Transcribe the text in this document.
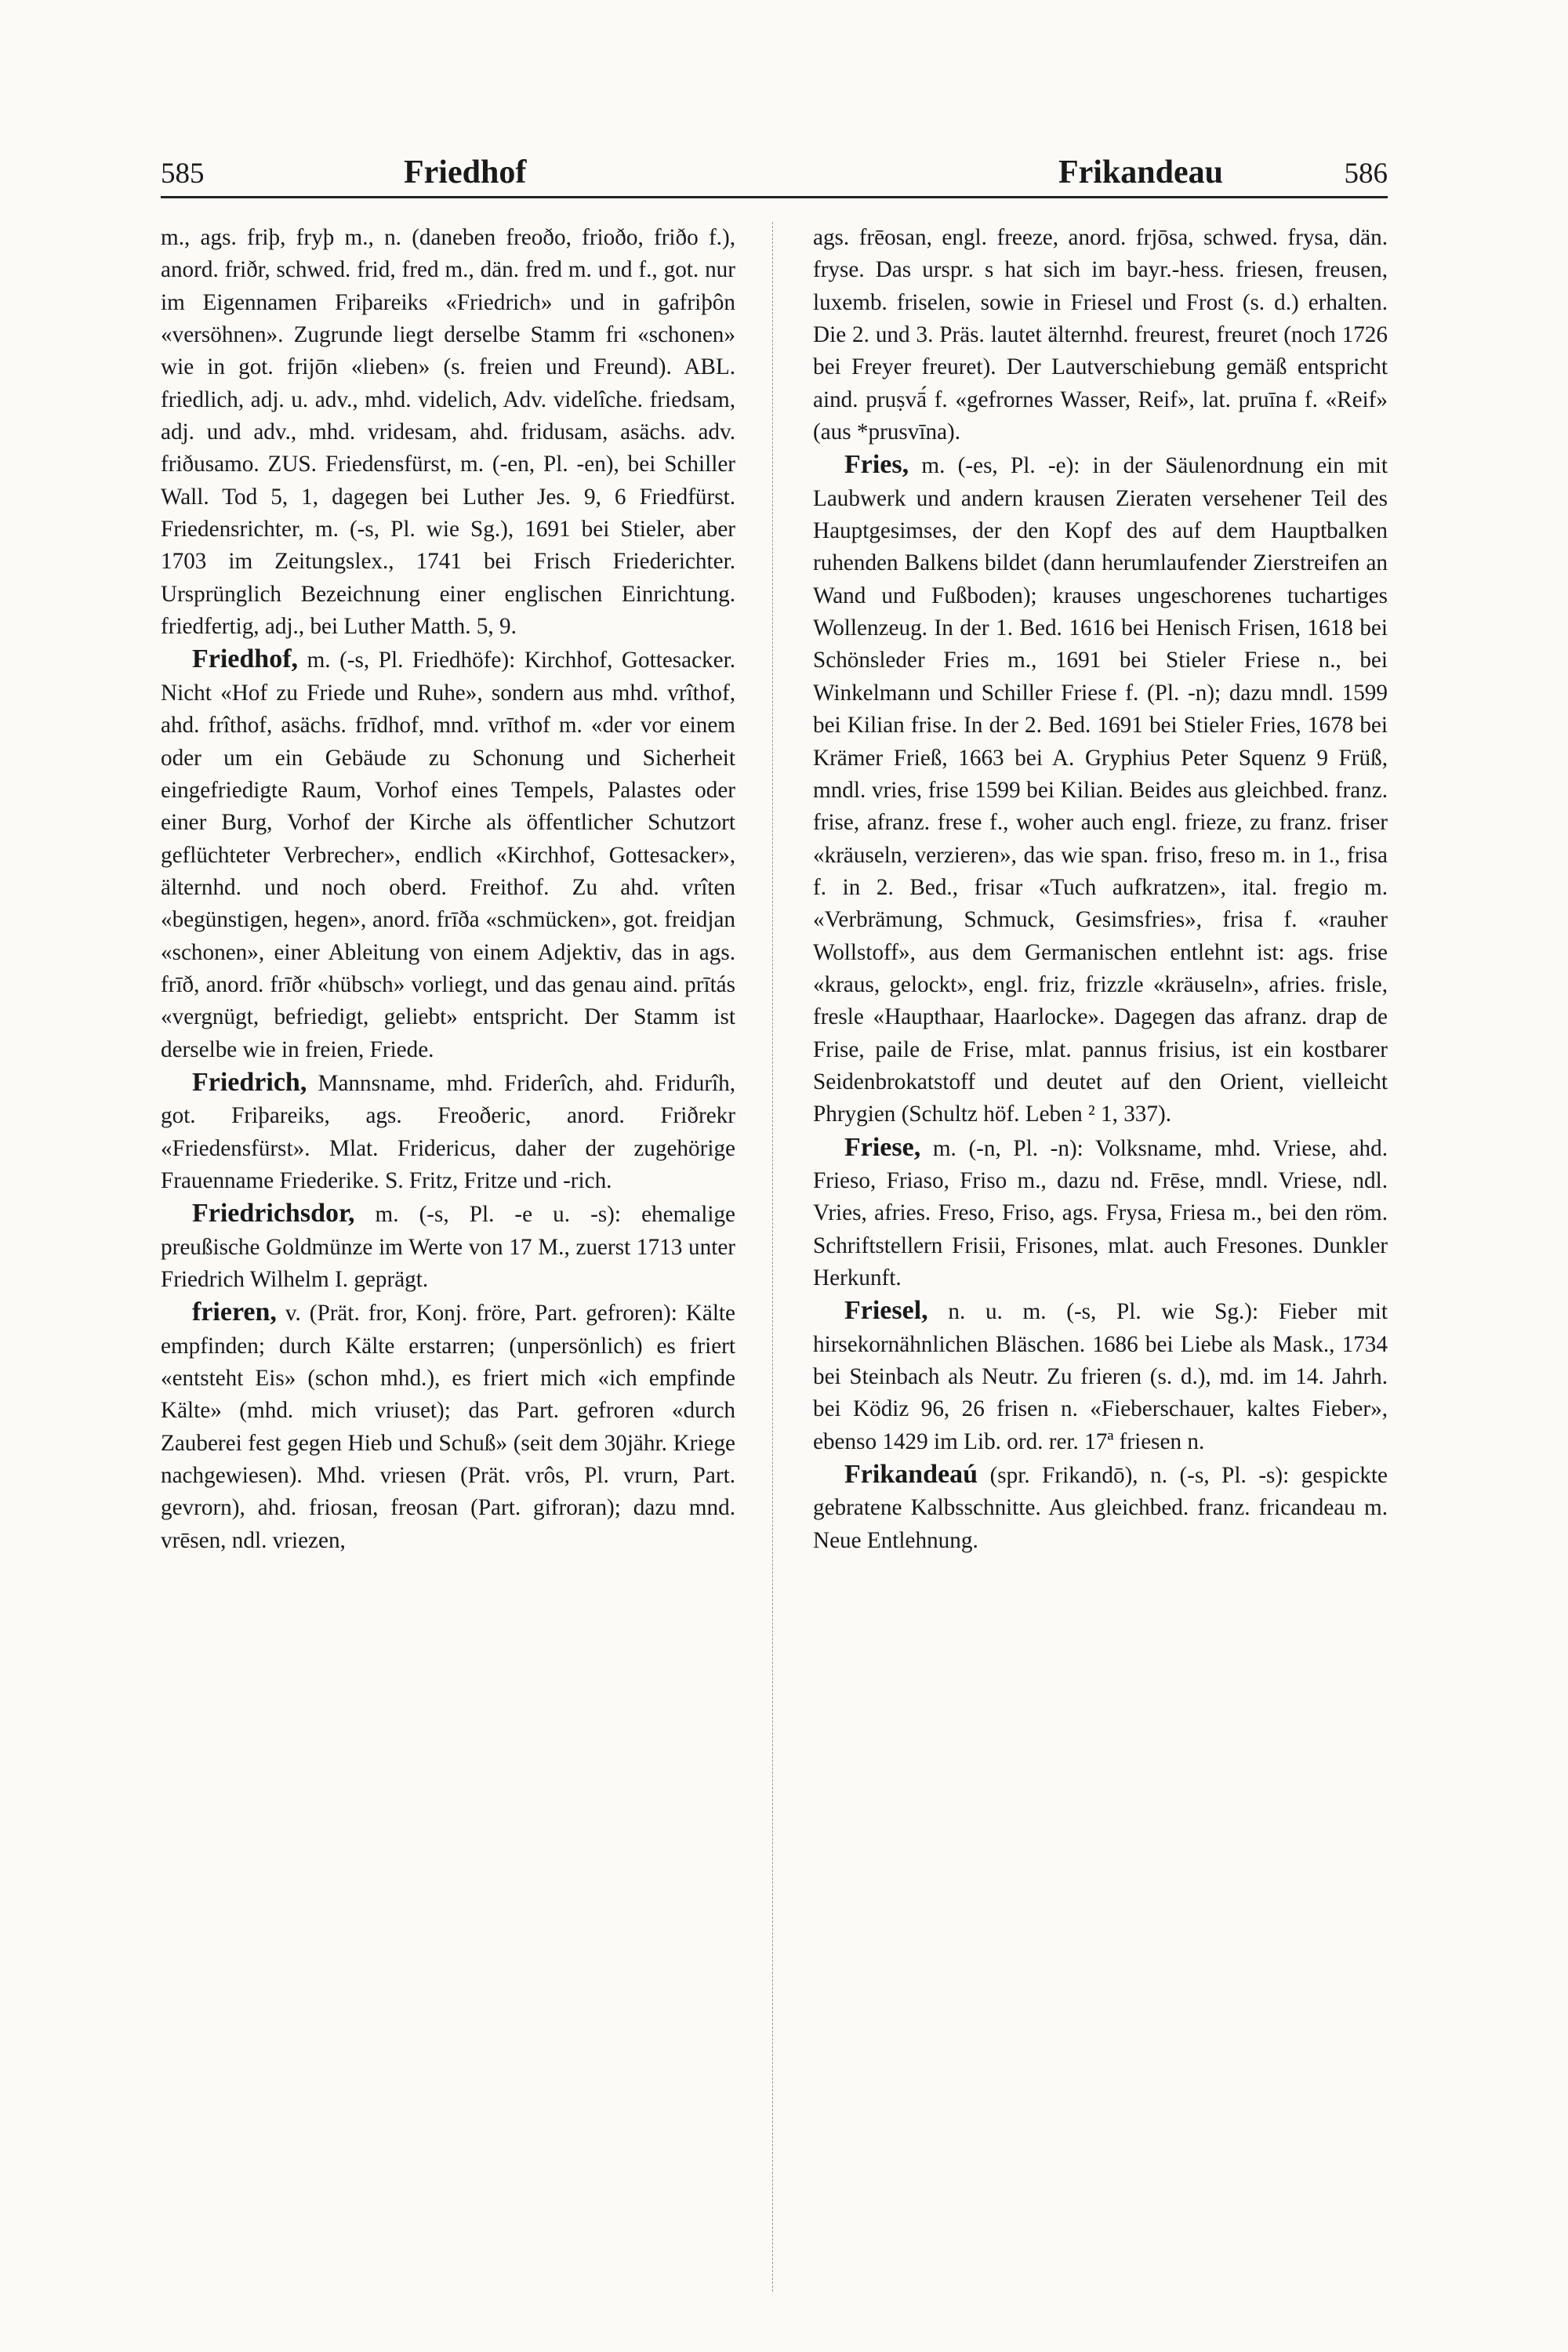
585	Friedhof	Frikandeau	586

m., ags. friþ, fryþ m., n. (daneben freoðo, frioðo, friðo f.), anord. friðr, schwed. frid, fred m., dän. fred m. und f., got. nur im Eigennamen Friþareiks «Friedrich» und in gafriþôn «versöhnen». Zugrunde liegt derselbe Stamm fri «schonen» wie in got. frijōn «lieben» (s. freien und Freund). ABL. friedlich, adj. u. adv., mhd. videlich, Adv. videlîche. friedsam, adj. und adv., mhd. vridesam, ahd. fridusam, asächs. adv. friðusamo. ZUS. Friedensfürst, m. (-en, Pl. -en), bei Schiller Wall. Tod 5, 1, dagegen bei Luther Jes. 9, 6 Friedfürst. Friedensrichter, m. (-s, Pl. wie Sg.), 1691 bei Stieler, aber 1703 im Zeitungslex., 1741 bei Frisch Friederichter. Ursprünglich Bezeichnung einer englischen Einrichtung. friedfertig, adj., bei Luther Matth. 5, 9.

Friedhof, m. (-s, Pl. Friedhöfe): Kirchhof, Gottesacker. Nicht «Hof zu Friede und Ruhe», sondern aus mhd. vrîthof, ahd. frîthof, asächs. frīdhof, mnd. vrīthof m. «der vor einem oder um ein Gebäude zu Schonung und Sicherheit eingefriedigte Raum, Vorhof eines Tempels, Palastes oder einer Burg, Vorhof der Kirche als öffentlicher Schutzort geflüchteter Verbrecher», endlich «Kirchhof, Gottesacker», älternhd. und noch oberd. Freithof. Zu ahd. vrîten «begünstigen, hegen», anord. frīða «schmücken», got. freidjan «schonen», einer Ableitung von einem Adjektiv, das in ags. frīð, anord. frīðr «hübsch» vorliegt, und das genau aind. prītás «vergnügt, befriedigt, geliebt» entspricht. Der Stamm ist derselbe wie in freien, Friede.

Friedrich, Mannsname, mhd. Friderîch, ahd. Fridurîh, got. Friþareiks, ags. Freoðeric, anord. Friðrekr «Friedensfürst». Mlat. Fridericus, daher der zugehörige Frauenname Friederike. S. Fritz, Fritze und -rich.

Friedrichsdor, m. (-s, Pl. -e u. -s): ehemalige preußische Goldmünze im Werte von 17 M., zuerst 1713 unter Friedrich Wilhelm I. geprägt.

frieren, v. (Prät. fror, Konj. fröre, Part. gefroren): Kälte empfinden; durch Kälte erstarren; (unpersönlich) es friert «entsteht Eis» (schon mhd.), es friert mich «ich empfinde Kälte» (mhd. mich vriuset); das Part. gefroren «durch Zauberei fest gegen Hieb und Schuß» (seit dem 30jähr. Kriege nachgewiesen). Mhd. vriesen (Prät. vrôs, Pl. vrurn, Part. gevrorn), ahd. friosan, freosan (Part. gifroran); dazu mnd. vrēsen, ndl. vriezen,

ags. frēosan, engl. freeze, anord. frjōsa, schwed. frysa, dän. fryse. Das urspr. s hat sich im bayr.-hess. friesen, freusen, luxemb. friselen, sowie in Friesel und Frost (s. d.) erhalten. Die 2. und 3. Präs. lautet älternhd. freurest, freuret (noch 1726 bei Freyer freuret). Der Lautverschiebung gemäß entspricht aind. pruṣvā́ f. «gefrornes Wasser, Reif», lat. pruīna f. «Reif» (aus *prusvīna).

Fries, m. (-es, Pl. -e): in der Säulenordnung ein mit Laubwerk und andern krausen Zieraten versehener Teil des Hauptgesimses, der den Kopf des auf dem Hauptbalken ruhenden Balkens bildet (dann herumlaufender Zierstreifen an Wand und Fußboden); krauses ungeschorenes tuchartiges Wollenzeug. In der 1. Bed. 1616 bei Henisch Frisen, 1618 bei Schönsleder Fries m., 1691 bei Stieler Friese n., bei Winkelmann und Schiller Friese f. (Pl. -n); dazu mndl. 1599 bei Kilian frise. In der 2. Bed. 1691 bei Stieler Fries, 1678 bei Krämer Frieß, 1663 bei A. Gryphius Peter Squenz 9 Früß, mndl. vries, frise 1599 bei Kilian. Beides aus gleichbed. franz. frise, afranz. frese f., woher auch engl. frieze, zu franz. friser «kräuseln, verzieren», das wie span. friso, freso m. in 1., frisa f. in 2. Bed., frisar «Tuch aufkratzen», ital. fregio m. «Verbrämung, Schmuck, Gesimsfries», frisa f. «rauher Wollstoff», aus dem Germanischen entlehnt ist: ags. frise «kraus, gelockt», engl. friz, frizzle «kräuseln», afries. frisle, fresle «Haupthaar, Haarlocke». Dagegen das afranz. drap de Frise, paile de Frise, mlat. pannus frisius, ist ein kostbarer Seidenbrokatstoff und deutet auf den Orient, vielleicht Phrygien (Schultz höf. Leben ² 1, 337).

Friese, m. (-n, Pl. -n): Volksname, mhd. Vriese, ahd. Frieso, Friaso, Friso m., dazu nd. Frēse, mndl. Vriese, ndl. Vries, afries. Freso, Friso, ags. Frysa, Friesa m., bei den röm. Schriftstellern Frisii, Frisones, mlat. auch Fresones. Dunkler Herkunft.

Friesel, n. u. m. (-s, Pl. wie Sg.): Fieber mit hirsekornähnlichen Bläschen. 1686 bei Liebe als Mask., 1734 bei Steinbach als Neutr. Zu frieren (s. d.), md. im 14. Jahrh. bei Ködiz 96, 26 frisen n. «Fieberschauer, kaltes Fieber», ebenso 1429 im Lib. ord. rer. 17ª friesen n.

Frikandeaú (spr. Frikandō), n. (-s, Pl. -s): gespickte gebratene Kalbsschnitte. Aus gleichbed. franz. fricandeau m. Neue Entlehnung.
